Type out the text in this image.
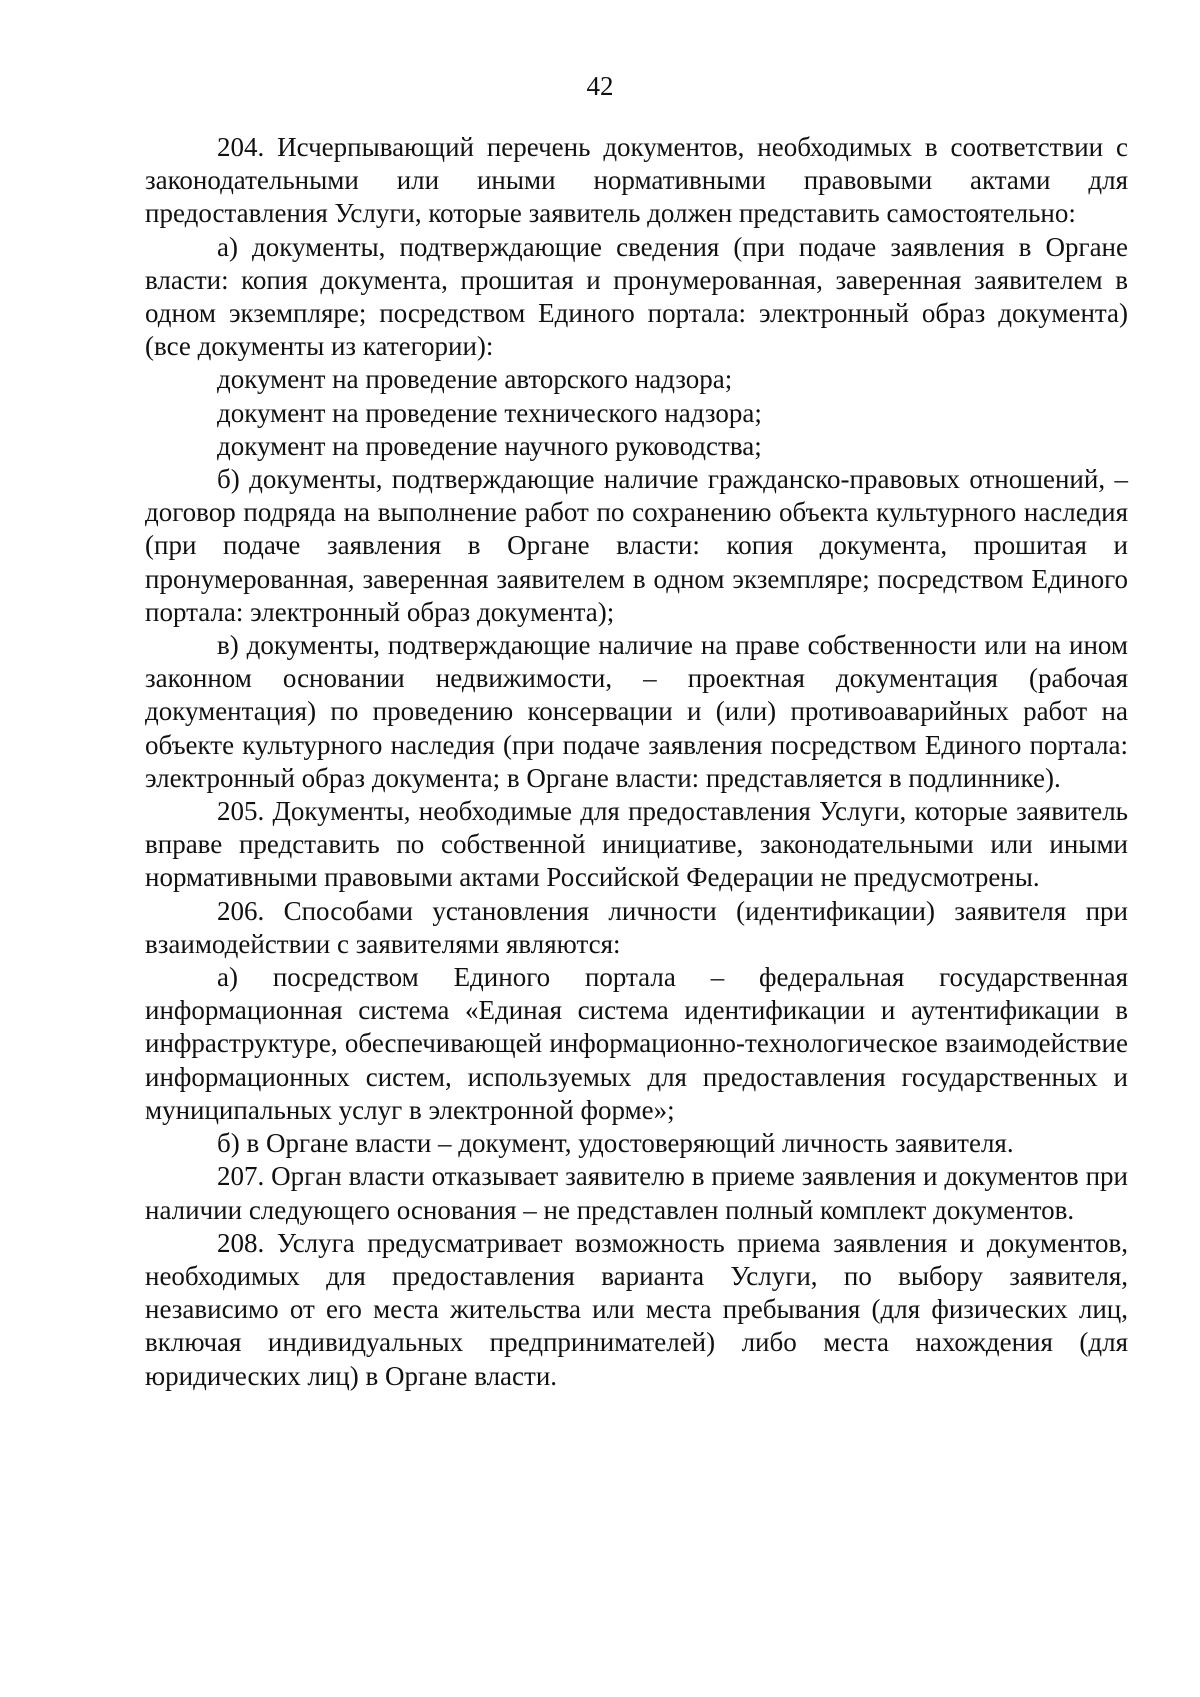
42

204. Исчерпывающий перечень документов, необходимых в соответствии с законодательными или иными нормативными правовыми актами для предоставления Услуги, которые заявитель должен представить самостоятельно:

а) документы, подтверждающие сведения (при подаче заявления в Органе власти: копия документа, прошитая и пронумерованная, заверенная заявителем в одном экземпляре; посредством Единого портала: электронный образ документа) (все документы из категории):

документ на проведение авторского надзора;

документ на проведение технического надзора;

документ на проведение научного руководства;

б) документы, подтверждающие наличие гражданско-правовых отношений, – договор подряда на выполнение работ по сохранению объекта культурного наследия (при подаче заявления в Органе власти: копия документа, прошитая и пронумерованная, заверенная заявителем в одном экземпляре; посредством Единого портала: электронный образ документа);

в) документы, подтверждающие наличие на праве собственности или на ином законном основании недвижимости, – проектная документация (рабочая документация) по проведению консервации и (или) противоаварийных работ на объекте культурного наследия (при подаче заявления посредством Единого портала: электронный образ документа; в Органе власти: представляется в подлиннике).

205. Документы, необходимые для предоставления Услуги, которые заявитель вправе представить по собственной инициативе, законодательными или иными нормативными правовыми актами Российской Федерации не предусмотрены.

206. Способами установления личности (идентификации) заявителя при взаимодействии с заявителями являются:

а) посредством Единого портала – федеральная государственная информационная система «Единая система идентификации и аутентификации в инфраструктуре, обеспечивающей информационно-технологическое взаимодействие информационных систем, используемых для предоставления государственных и муниципальных услуг в электронной форме»;

б) в Органе власти – документ, удостоверяющий личность заявителя.

207. Орган власти отказывает заявителю в приеме заявления и документов при наличии следующего основания – не представлен полный комплект документов.

208. Услуга предусматривает возможность приема заявления и документов, необходимых для предоставления варианта Услуги, по выбору заявителя, независимо от его места жительства или места пребывания (для физических лиц, включая индивидуальных предпринимателей) либо места нахождения (для юридических лиц) в Органе власти.
